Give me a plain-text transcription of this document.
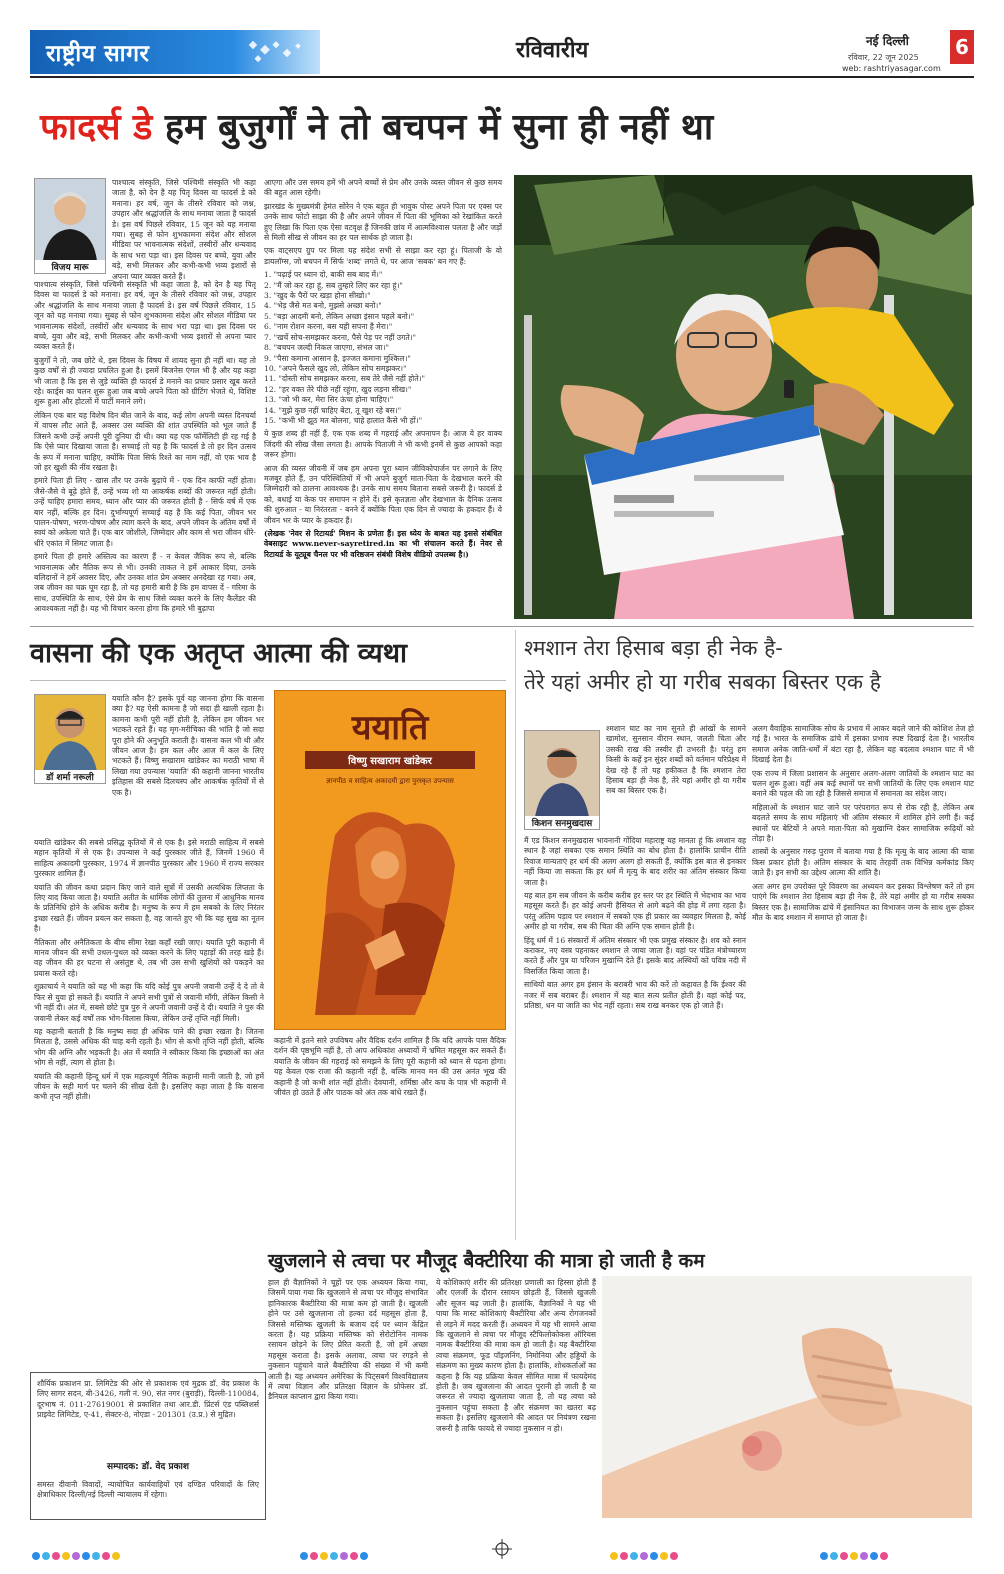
राष्ट्रीय सागर	रविवारीय	नई दिल्ली
रविवार, 22 जून 2025
web: rashtriyasagar.com
6
फादर्स डे हम बुजुर्गों ने तो बचपन में सुना ही नहीं था
विजय मारू

पाश्चात्य संस्कृति, जिसे पश्चिमी संस्कृति भी कहा जाता है, को देन है यह पितृ दिवस या फादर्स डे को मनाना। हर वर्ष, जून के तीसरे रविवार को जश्न, उपहार और श्रद्धांजलि के साथ मनाया जाता है फादर्स डे। इस वर्ष पिछले रविवार, 15 जून को यह मनाया गया। सुबह से फोन शुभकामना संदेश और सोशल मीडिया पर भावनात्मक संदेशों, तस्वीरों और धन्यवाद के साथ भरा पड़ा था। इस दिवस पर बच्चे, युवा और बड़े, सभी मिलकर और कभी-कभी भव्य इशारों से अपना प्यार व्यक्त करते हैं।

बुजुर्गों ने तो, जब छोटे थे, इस दिवस के विषय में शायद सुना ही नहीं था। यह तो कुछ वर्षों से ही ज्यादा प्रचलित हुआ है। इसमें बिजनेस एंगल भी है और यह कहा भी जाता है कि इस से जुड़े व्यक्ति ही फादर्स डे मनाने का प्रचार प्रसार खूब करते रहे। कार्ड्स का चलन शुरू हुआ जब बच्चे अपने पिता को ग्रीटिंग भेजते थे, विशिष्ट शुरू हुआ और होटलों में पार्टी मनाने लगे।

लेकिन एक बार यह विशेष दिन बीत जाने के बाद, कई लोग अपनी व्यस्त दिनचर्या में वापस लौट आते हैं, अक्सर उस व्यक्ति की शांत उपस्थिति को भूल जाते हैं जिसने कभी उन्हें अपनी पूरी दुनिया दी थी। क्या यह एक फॉर्मेलिटी ही रह गई है कि ऐसे प्यार दिखाया जाता है। सच्चाई तो यह है कि फादर्स डे तो हर दिन उत्सव के रूप में मनाना चाहिए, क्योंकि पिता सिर्फ रिश्ते का नाम नहीं, वो एक भाव है जो हर खुशी की नींव रखता है।

हमारे पिता ही लिए - खास तौर पर उनके बुढ़ापे में - एक दिन काफी नहीं होता। जैसे-जैसे वे बूढ़े होते हैं, उन्हें भव्य शो या आकर्षक शब्दों की जरूरत नहीं होती। उन्हें चाहिए हमारा समय, ध्यान और प्यार की जरूरत होती है - सिर्फ वर्ष में एक बार नहीं, बल्कि हर दिन। दुर्भाग्यपूर्ण सच्चाई यह है कि कई पिता, जीवन भर पालन-पोषण, भरण-पोषण और त्याग करने के बाद, अपने जीवन के अंतिम वर्षों में स्वयं को अकेला पाते हैं। एक बार जोशीले, जिम्मेदार और काम से भरा जीवन धीरे-धीरे एकांत में सिमट जाता है।

हमारे पिता ही हमारे अस्तित्व का कारण हैं - न केवल जैविक रूप से, बल्कि भावनात्मक और नैतिक रूप से भी। उनकी ताकत ने हमें आकार दिया, उनके बलिदानों ने हमें अवसर दिए, और उनका शांत प्रेम अक्सर अनदेखा रह गया। अब, जब जीवन का चक्र घूम रहा है, तो यह हमारी बारी है कि हम वापस दें - गरिमा के साथ, उपस्थिति के साथ, ऐसे प्रेम के साथ जिसे व्यक्त करने के लिए कैलेंडर की आवश्यकता नहीं है। यह भी विचार करना होगा कि हमारे भी बुढ़ापा

पाश्चात्य संस्कृति, जिसे पश्चिमी संस्कृति भी कहा जाता है, को देन है यह पितृ दिवस या फादर्स डे को मनाना। हर वर्ष, जून के तीसरे रविवार को जश्न, उपहार और श्रद्धांजलि के साथ मनाया जाता है फादर्स डे। इस वर्ष पिछले रविवार, 15 जून को यह मनाया गया। सुबह से फोन शुभकामना संदेश और सोशल मीडिया पर भावनात्मक संदेशों, तस्वीरों और धन्यवाद के साथ भरा पड़ा था। इस दिवस पर बच्चे, युवा और बड़े, सभी मिलकर और कभी-कभी भव्य इशारों से अपना प्यार व्यक्त करते हैं।

आएगा और उस समय हमें भी अपने बच्चों से प्रेम और उनके व्यस्त जीवन से कुछ समय की बहुत आस रहेगी।

झारखंड के मुख्यमंत्री हेमंत सोरेन ने एक बहुत ही भावुक पोस्ट अपने पिता पर एक्स पर उनके साथ फोटो साझा की है और अपने जीवन में पिता की भूमिका को रेखांकित करते हुए लिखा कि पिता एक ऐसा वटवृक्ष हैं जिनकी छांव में आत्मविश्वास पलता है और जड़ों से मिली सीख से जीवन का हर पल सार्थक हो जाता है।

एक वाट्सएप ग्रुप पर मिला यह संदेश सभी से साझा कर रहा हूं। पिताजी के वो डायलॉग्स, जो बचपन में सिर्फ 'शब्द' लगते थे, पर आज 'सबक' बन गए हैं:

1. "पढ़ाई पर ध्यान दो, बाकी सब बाद में।"
2. "मैं जो कर रहा हूं, सब तुम्हारे लिए कर रहा हूं।"
3. "खुद के पैरों पर खड़ा होना सीखो।"
4. "भेड़ जैसे मत बनो, मुझसे अच्छा बनो।"
5. "बड़ा आदमी बनो, लेकिन अच्छा इंसान पहले बनो।"
6. "नाम रोशन करना, बस यही सपना है मेरा।"
7. "खर्चे सोच-समझकर करना, पैसे पेड़ पर नहीं उगते।"
8. "बचपन जल्दी निकल जाएगा, संभल जा।"
9. "पैसा कमाना आसान है, इज्जत कमाना मुश्किल।"
10. "अपने फैसले खुद लो, लेकिन सोच समझकर।"
11. "दोस्ती सोच समझकर करना, सब तेरे जैसे नहीं होते।"
12. "हर वक्त तेरे पीछे नहीं रहूंगा, खुद लड़ना सीख।"
13. "जो भी कर, मेरा सिर ऊंचा होना चाहिए।"
14. "मुझे कुछ नहीं चाहिए बेटा, तू खुश रहे बस।"
15. "कभी भी झूठ मत बोलना, चाहे हालात कैसे भी हों।"

ये कुछ शब्द ही नहीं हैं, एक एक शब्द में गहराई और अपनापन है। आज ये हर वाक्य जिंदगी की सीख जैसा लगता है। आपके पिताजी ने भी कभी इनमें से कुछ आपको कहा जरूर होगा।

आज की व्यस्त जीवनी में जब हम अपना पूरा ध्यान जीविकोपार्जन पर लगाने के लिए मजबूर होते हैं, उन परिस्थितियों में भी अपने बुजुर्ग माता-पिता के देखभाल करने की जिम्मेदारी को ठालना आवश्यक है। उनके साथ समय बिताना सबसे जरूरी है। फादर्स डे को, बधाई या केक पर समापन न होने दें। इसे कृतज्ञता और देखभाल के दैनिक उत्सव की शुरुआत - या निरंतरता - बनने दें क्योंकि पिता एक दिन से ज्यादा के हकदार हैं। वे जीवन भर के प्यार के हकदार हैं।

(लेखक 'नेवर से रिटायर्ड' मिशन के प्रणेता हैं। इस ध्येय के बाबत यह इससे संबंधित वेबसाइट www.never-sayretired.in का भी संचालन करते हैं। नेवर से रिटायर्ड के यूट्यूब चैनल पर भी वरिष्ठजन संबंधी विशेष वीडियो उपलब्ध है।)

वासना की एक अतृप्त आत्मा की व्यथा	श्मशान तेरा हिसाब बड़ा ही नेक है-
तेरे यहां अमीर हो या गरीब सबका बिस्तर एक है
डॉ शर्मा नरूली
ययाति कौन है? इसके पूर्व यह जानना होगा कि वासना क्या है? यह ऐसी कामना है जो सदा ही खाली रहता है। कामना कभी पूरी नहीं होती है, लेकिन हम जीवन भर भटकते रहते हैं। यह मृग-मरीचिका की भांति है जो सदा पूरा होने की अनुभूति कराती है। वासना कल भी थी और जीवन आज है। हम कल और आज में कल के लिए भटकते हैं। विष्णु सखाराम खांडेकर का मराठी भाषा में लिखा गया उपन्यास 'ययाति' की कहानी जानना भारतीय इतिहास की सबसे दिलचस्प और आकर्षक कृतियों में से एक है।

ययाति खांडेकर की सबसे प्रसिद्ध कृतियों में से एक है। इसे मराठी साहित्य में सबसे महान कृतियों में से एक है। उपन्यास ने कई पुरस्कार जीते हैं, जिनमें 1960 में साहित्य अकादमी पुरस्कार, 1974 में ज्ञानपीठ पुरस्कार और 1960 में राज्य सरकार पुरस्कार शामिल हैं।

ययाति की जीवन कथा प्रदान किए जाने वाले सूत्रों में उसकी अत्यधिक लिप्तता के लिए याद किया जाता है। ययाति अतीत के धार्मिक लोगों की तुलना में आधुनिक मानव के प्रतिनिधि होने के अधिक करीब है। मनुष्य के रूप में हम सबको के लिए निरंतर इच्छा रखते हैं। जीवन प्रयत्न कर सकता है, वह जानते हुए भी कि यह सुख का नूतन है।

नैतिकता और अनैतिकता के बीच सीमा रेखा कहाँ रखी जाए। ययाति पूरी कहानी में मानव जीवन की सभी उथल-पुथल को व्यक्त करने के लिए पहाड़ों की तरह खड़े हैं। वह जीवन की हर घटना से असंतुष्ट थे, तब भी उस सभी खुशियों को पकड़ने का प्रयास करते रहे।

शुक्राचार्य ने ययाति को यह भी कहा कि यदि कोई पुत्र अपनी जवानी उन्हें दे दे तो वे फिर से युवा हो सकते हैं। ययाति ने अपने सभी पुत्रों से जवानी माँगी, लेकिन किसी ने भी नहीं दी। अंत में, सबसे छोटे पुत्र पुरु ने अपनी जवानी उन्हें दे दी। ययाति ने पुरु की जवानी लेकर कई वर्षों तक भोग-विलास किया, लेकिन उन्हें तृप्ति नहीं मिली।

यह कहानी बताती है कि मनुष्य सदा ही अधिक पाने की इच्छा रखता है। जितना मिलता है, उससे अधिक की चाह बनी रहती है। भोग से कभी तृप्ति नहीं होती, बल्कि भोग की अग्नि और भड़कती है। अंत में ययाति ने स्वीकार किया कि इच्छाओं का अंत भोग से नहीं, त्याग से होता है।

ययाति की कहानी हिन्दू धर्म में एक महत्वपूर्ण नैतिक कहानी मानी जाती है, जो हमें जीवन के सही मार्ग पर चलने की सीख देती है। इसलिए कहा जाता है कि वासना कभी तृप्त नहीं होती।

ययाति
विष्णु सखाराम खांडेकर
ज्ञानपीठ व साहित्य अकादमी द्वारा पुरस्कृत उपन्यास
कहानी में इतने सारे उपविषय और वैदिक दर्शन शामिल हैं कि यदि आपके पास वैदिक दर्शन की पृष्ठभूमि नहीं है, तो आप अधिकांश अध्यायों में भ्रमित महसूस कर सकते हैं। ययाति के जीवन की गहराई को समझने के लिए पूरी कहानी को ध्यान से पढ़ना होगा। यह केवल एक राजा की कहानी नहीं है, बल्कि मानव मन की उस अनंत भूख की कहानी है जो कभी शांत नहीं होती। देवयानी, शर्मिष्ठा और कच के पात्र भी कहानी में जीवंत हो उठते हैं और पाठक को अंत तक बांधे रखते हैं।
किशन सनमुखदास

श्मशान घाट का नाम सुनते ही आंखों के सामने खामोश, सुनसान वीरान स्थान, जलती चिता और उसकी राख की तस्वीर ही उभरती है। परंतु हम किसी के कहें इन सुंदर शब्दों को वर्तमान परिप्रेक्ष्य में देख रहे हैं तो यह हकीकत है कि श्मशान तेरा हिसाब बड़ा ही नेक है, तेरे यहां अमीर हो या गरीब सब का बिस्तर एक है।

मैं एड किशन सनमुखदास भावनानी गोंदिया महाराष्ट्र यह मानता हूं कि श्मशान वह स्थान है जहां सबका एक समान स्थिति का बोध होता है। हालांकि प्राचीन रीति रिवाज मान्यताएं हर धर्म की अलग अलग हो सकती हैं, क्योंकि इस बात से इनकार नहीं किया जा सकता कि हर धर्म में मृत्यु के बाद शरीर का अंतिम संस्कार किया जाता है।

यह बात हम सब जीवन के करीब करीब हर स्तर पर हर स्थिति में भेदभाव का भाव महसूस करते हैं। हर कोई अपनी हैसियत से आगे बढ़ने की होड़ में लगा रहता है। परंतु अंतिम पड़ाव पर श्मशान में सबको एक ही प्रकार का व्यवहार मिलता है, कोई अमीर हो या गरीब, सब की चिता की अग्नि एक समान होती है।

हिंदू धर्म में 16 संस्कारों में अंतिम संस्कार भी एक प्रमुख संस्कार है। शव को स्नान कराकर, नए वस्त्र पहनाकर श्मशान ले जाया जाता है। वहां पर पंडित मंत्रोच्चारण करते हैं और पुत्र या परिजन मुखाग्नि देते हैं। इसके बाद अस्थियों को पवित्र नदी में विसर्जित किया जाता है।

साथियो बात अगर हम इंसान के बराबरी भाव की करें तो कहावत है कि ईश्वर की नजर में सब बराबर हैं। श्मशान में यह बात सत्य प्रतीत होती है। वहां कोई पद, प्रतिष्ठा, धन या जाति का भेद नहीं रहता। सब राख बनकर एक हो जाते हैं।

अलग वैवाहिक सामाजिक सोच के प्रभाव में आकर बदले जाने की कोशिश तेज हो गई है। भारत के समाजिक ढांचे में इसका प्रभाव स्पष्ट दिखाई देता है। भारतीय समाज अनेक जाति-धर्मों में बंटा रहा है, लेकिन यह बदलाव श्मशान घाट में भी दिखाई देता है।

एक राज्य में जिला प्रशासन के अनुसार अलग-अलग जातियों के श्मशान घाट का चलन शुरू हुआ। वहीं अब कई स्थानों पर सभी जातियों के लिए एक श्मशान घाट बनाने की पहल की जा रही है जिससे समाज में समानता का संदेश जाए।

महिलाओं के श्मशान घाट जाने पर परंपरागत रूप से रोक रही है, लेकिन अब बदलते समय के साथ महिलाएं भी अंतिम संस्कार में शामिल होने लगी हैं। कई स्थानों पर बेटियों ने अपने माता-पिता को मुखाग्नि देकर सामाजिक रूढ़ियों को तोड़ा है।

शास्त्रों के अनुसार गरुड़ पुराण में बताया गया है कि मृत्यु के बाद आत्मा की यात्रा किस प्रकार होती है। अंतिम संस्कार के बाद तेरहवीं तक विभिन्न कर्मकांड किए जाते हैं। इन सभी का उद्देश्य आत्मा की शांति है।

अतः अगर हम उपरोक्त पूरे विवरण का अध्ययन कर इसका विश्लेषण करें तो हम पाएंगे कि श्मशान तेरा हिसाब बड़ा ही नेक है, तेरे यहां अमीर हो या गरीब सबका बिस्तर एक है। सामाजिक ढांचे में इंसानियत का विभाजन जन्म के साथ शुरू होकर मौत के बाद श्मशान में समाप्त हो जाता है।

खुजलाने से त्वचा पर मौजूद बैक्टीरिया की मात्रा हो जाती है कम
हाल ही वैज्ञानिकों ने चूहों पर एक अध्ययन किया गया, जिसमें पाया गया कि खुजलाने से त्वचा पर मौजूद संभावित हानिकारक बैक्टीरिया की मात्रा कम हो जाती है। खुजली होने पर उसे खुजलाना तो हल्का दर्द महसूस होता है, जिससे मस्तिष्क खुजली के बजाय दर्द पर ध्यान केंद्रित करता है। यह प्रक्रिया मस्तिष्क को सेरोटोनिन नामक रसायन छोड़ने के लिए प्रेरित करती है, जो हमें अच्छा महसूस कराता है। इसके अलावा, त्वचा पर रगड़ने से नुकसान पहुंचाने वाले बैक्टीरिया की संख्या में भी कमी आती है। यह अध्ययन अमेरिका के पिट्सबर्ग विश्वविद्यालय में त्वचा विज्ञान और प्रतिरक्षा विज्ञान के प्रोफेसर डॉ. डैनियल काप्लान द्वारा किया गया।
ये कोशिकाएं शरीर की प्रतिरक्षा प्रणाली का हिस्सा होती हैं और एलर्जी के दौरान रसायन छोड़ती हैं, जिससे खुजली और सूजन बढ़ जाती है। हालांकि, वैज्ञानिकों ने यह भी पाया कि मास्ट कोशिकाएं बैक्टीरिया और अन्य रोगजनकों से लड़ने में मदद करती हैं। अध्ययन में यह भी सामने आया कि खुजलाने से त्वचा पर मौजूद स्टैफिलोकोकस ऑरियस नामक बैक्टीरिया की मात्रा कम हो जाती है। यह बैक्टीरिया त्वचा संक्रमण, फूड पॉइजनिंग, निमोनिया और हड्डियों के संक्रमण का मुख्य कारण होता है। हालांकि, शोधकर्ताओं का कहना है कि यह प्रक्रिया केवल सीमित मात्रा में फायदेमंद होती है। जब खुजलाना की आदत पुरानी हो जाती है या जरूरत से ज्यादा खुजलाया जाता है, तो यह त्वचा को नुकसान पहुंचा सकता है और संक्रमण का खतरा बढ़ सकता है। इसलिए खुजलाने की आदत पर नियंत्रण रखना जरूरी है ताकि फायदे से ज्यादा नुकसान न हो।
शौर्यिक प्रकाशन प्रा. लिमिटेड की ओर से प्रकाशक एवं मुद्रक डॉ. वेद प्रकाश के लिए सागर सदन, बी-3426, गली नं. 90, संत नगर (बुराड़ी), दिल्ली-110084, दूरभाष नं. 011-27619001 से प्रकाशित तथा आर.डी. प्रिंटर्स एंड पब्लिशर्स प्राइवेट लिमिटेड, ए-41, सेक्टर-8, नोएडा - 201301 (उ.प्र.) से मुद्रित।
सम्पादक: डॉ. वेद प्रकाश
समस्त दीवानी विवादों, न्यायोचित कार्यवाहियों एवं दण्डित परिवादों के लिए क्षेत्राधिकार दिल्ली/नई दिल्ली न्यायालय में रहेगा।
